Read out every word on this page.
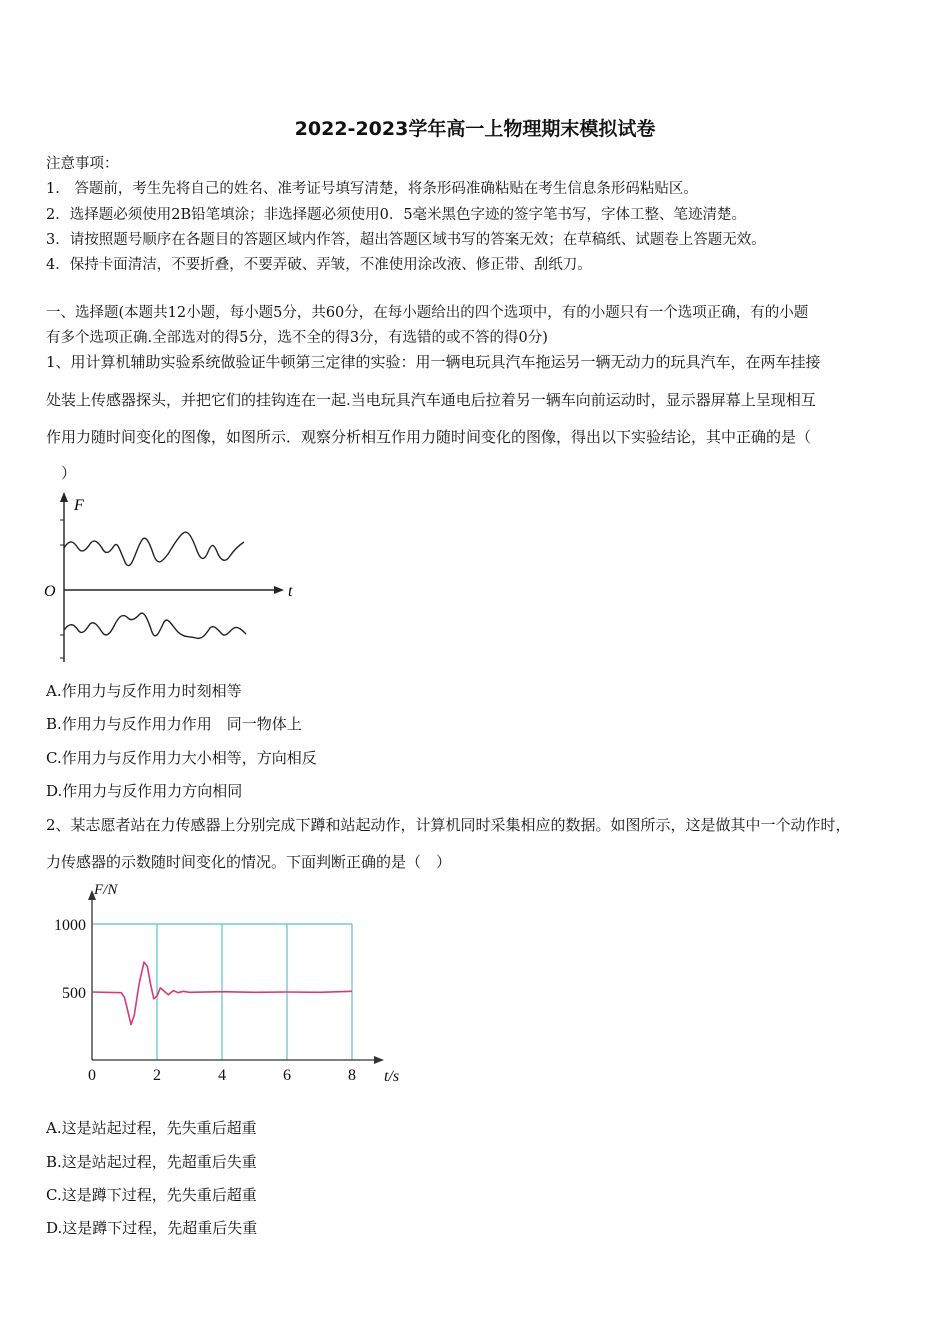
2022-2023学年高一上物理期末模拟试卷
注意事项：
1.　答题前，考生先将自己的姓名、准考证号填写清楚，将条形码准确粘贴在考生信息条形码粘贴区。
2．选择题必须使用2B铅笔填涂；非选择题必须使用0．5毫米黑色字迹的签字笔书写，字体工整、笔迹清楚。
3．请按照题号顺序在各题目的答题区域内作答，超出答题区域书写的答案无效；在草稿纸、试题卷上答题无效。
4．保持卡面清洁，不要折叠，不要弄破、弄皱，不准使用涂改液、修正带、刮纸刀。
一、选择题(本题共12小题，每小题5分，共60分，在每小题给出的四个选项中，有的小题只有一个选项正确，有的小题
有多个选项正确.全部选对的得5分，选不全的得3分，有选错的或不答的得0分)
1、用计算机辅助实验系统做验证牛顿第三定律的实验：用一辆电玩具汽车拖运另一辆无动力的玩具汽车，在两车挂接
处装上传感器探头，并把它们的挂钩连在一起.当电玩具汽车通电后拉着另一辆车向前运动时，显示器屏幕上呈现相互
作用力随时间变化的图像，如图所示．观察分析相互作用力随时间变化的图像，得出以下实验结论，其中正确的是（
　）
F
t
O
A.作用力与反作用力时刻相等
B.作用力与反作用力作用　同一物体上
C.作用力与反作用力大小相等，方向相反
D.作用力与反作用力方向相同
2、某志愿者站在力传感器上分别完成下蹲和站起动作，计算机同时采集相应的数据。如图所示，这是做其中一个动作时，
力传感器的示数随时间变化的情况。下面判断正确的是（　）
0	2	4	6	8
500
1000
F/N
t/s
A.这是站起过程，先失重后超重
B.这是站起过程，先超重后失重
C.这是蹲下过程，先失重后超重
D.这是蹲下过程，先超重后失重
